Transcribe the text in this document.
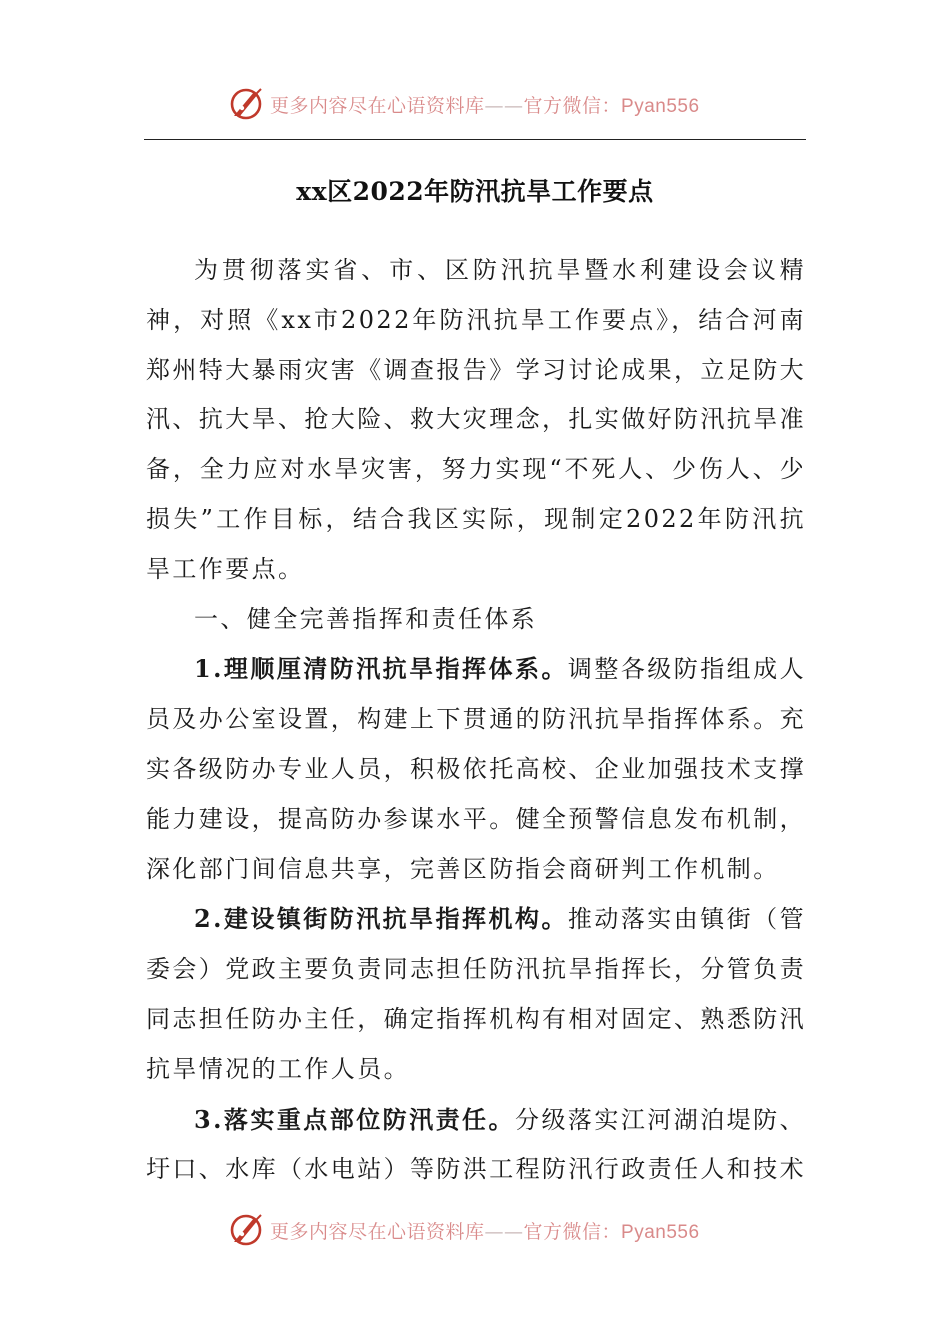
更多内容尽在心语资料库——官方微信：Pyan556
xx区2022年防汛抗旱工作要点

为贯彻落实省、市、区防汛抗旱暨水利建设会议精神，对照《xx市2022年防汛抗旱工作要点》，结合河南郑州特大暴雨灾害《调查报告》学习讨论成果，立足防大汛、抗大旱、抢大险、救大灾理念，扎实做好防汛抗旱准备，全力应对水旱灾害，努力实现“不死人、少伤人、少损失”工作目标，结合我区实际，现制定2022年防汛抗旱工作要点。

一、健全完善指挥和责任体系

1.理顺厘清防汛抗旱指挥体系。调整各级防指组成人员及办公室设置，构建上下贯通的防汛抗旱指挥体系。充实各级防办专业人员，积极依托高校、企业加强技术支撑能力建设，提高防办参谋水平。健全预警信息发布机制，深化部门间信息共享，完善区防指会商研判工作机制。

2.建设镇街防汛抗旱指挥机构。推动落实由镇街（管委会）党政主要负责同志担任防汛抗旱指挥长，分管负责同志担任防办主任，确定指挥机构有相对固定、熟悉防汛抗旱情况的工作人员。

3.落实重点部位防汛责任。分级落实江河湖泊堤防、圩口、水库（水电站）等防洪工程防汛行政责任人和技术

更多内容尽在心语资料库——官方微信：Pyan556
